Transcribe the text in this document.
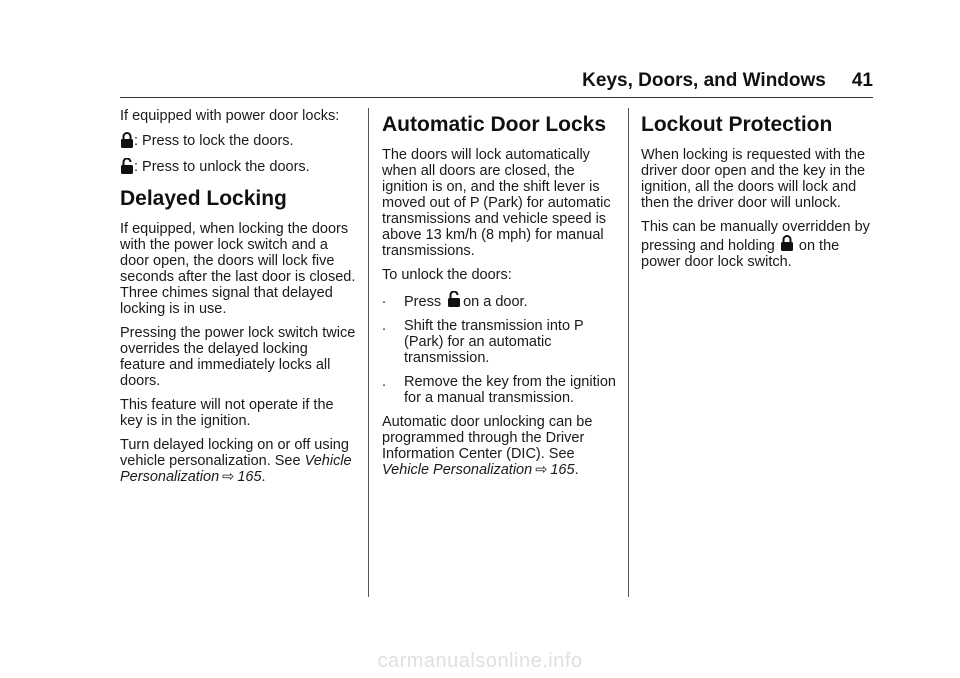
Keys, Doors, and Windows 41

If equipped with power door locks:

: Press to lock the doors.
: Press to unlock the doors.
Delayed Locking

If equipped, when locking the doors with the power lock switch and a door open, the doors will lock five seconds after the last door is closed. Three chimes signal that delayed locking is in use.

Pressing the power lock switch twice overrides the delayed locking feature and immediately locks all doors.

This feature will not operate if the key is in the ignition.

Turn delayed locking on or off using vehicle personalization. See Vehicle Personalization ⇨ 165.

Automatic Door Locks

The doors will lock automatically when all doors are closed, the ignition is on, and the shift lever is moved out of P (Park) for automatic transmissions and vehicle speed is above 13 km/h (8 mph) for manual transmissions.

To unlock the doors:

.	Press on a door.
.	Shift the transmission into P (Park) for an automatic transmission.
.	Remove the key from the ignition for a manual transmission.

Automatic door unlocking can be programmed through the Driver Information Center (DIC). See Vehicle Personalization ⇨ 165.

Lockout Protection

When locking is requested with the driver door open and the key in the ignition, all the doors will lock and then the driver door will unlock.

This can be manually overridden by
pressing and holding on the
power door lock switch.

carmanualsonline.info
